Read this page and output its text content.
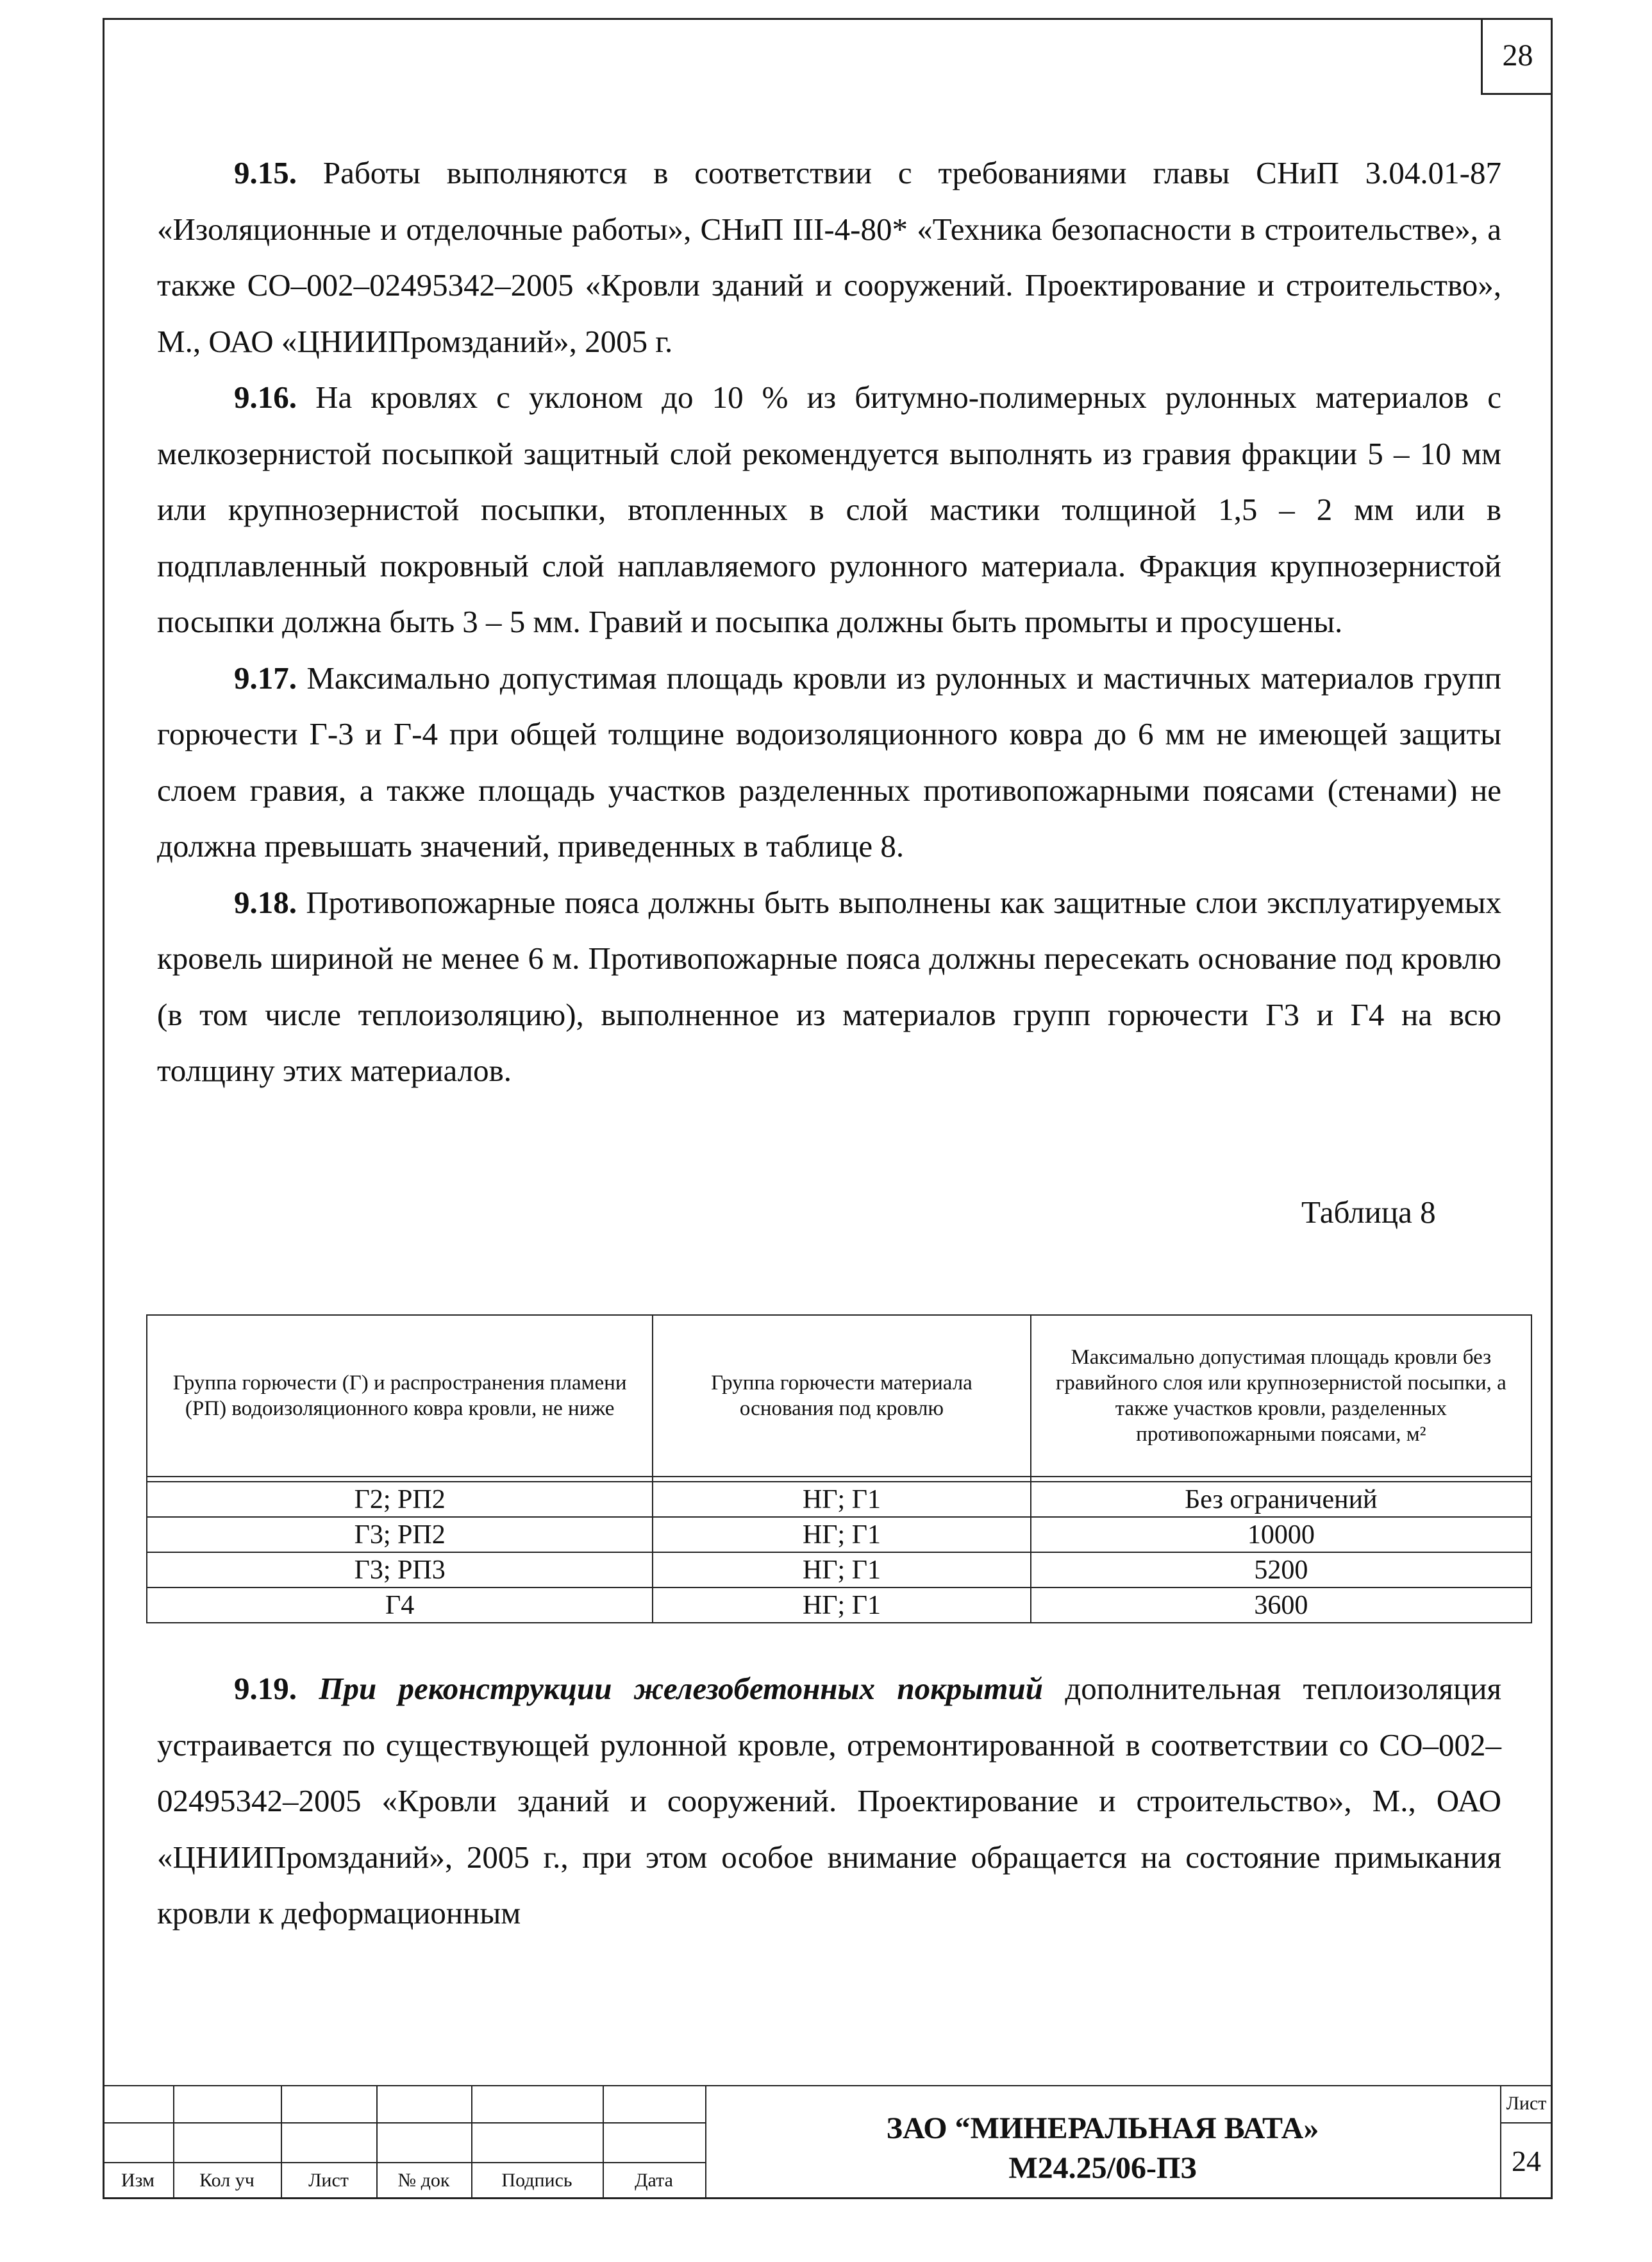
28

9.15. Работы выполняются в соответствии с требованиями главы СНиП 3.04.01-87 «Изоляционные и отделочные работы», СНиП III-4-80* «Техника безопасности в строительстве», а также СО–002–02495342–2005 «Кровли зданий и сооружений. Проектирование и строительство», М., ОАО «ЦНИИПромзданий», 2005 г.

9.16. На кровлях с уклоном до 10 % из битумно-полимерных рулонных материалов с мелкозернистой посыпкой защитный слой рекомендуется выполнять из гравия фракции 5 – 10 мм или крупнозернистой посыпки, втопленных в слой мастики толщиной 1,5 – 2 мм или в подплавленный покровный слой наплавляемого рулонного материала. Фракция крупнозернистой посыпки должна быть 3 – 5 мм. Гравий и посыпка должны быть промыты и просушены.

9.17. Максимально допустимая площадь кровли из рулонных и мастичных материалов групп горючести Г-3 и Г-4 при общей толщине водоизоляционного ковра до 6 мм не имеющей защиты слоем гравия, а также площадь участков разделенных противопожарными поясами (стенами) не должна превышать значений, приведенных в таблице 8.

9.18. Противопожарные пояса должны быть выполнены как защитные слои эксплуатируемых кровель шириной не менее 6 м. Противопожарные пояса должны пересекать основание под кровлю (в том числе теплоизоляцию), выполненное из материалов групп горючести Г3 и Г4 на всю толщину этих материалов.

Таблица 8
Группа горючести (Г) и распространения пламени (РП) водоизоляционного ковра кровли, не ниже	Группа горючести материала основания под кровлю	Максимально допустимая площадь кровли без гравийного слоя или крупнозернистой посыпки, а также участков кровли, разделенных противопожарными поясами, м²

Г2; РП2	НГ; Г1	Без ограничений
Г3; РП2	НГ; Г1	10000
Г3; РП3	НГ; Г1	5200
Г4	НГ; Г1	3600

9.19. При реконструкции железобетонных покрытий дополнительная теплоизоляция устраивается по существующей рулонной кровле, отремонтированной в соответствии со СО–002–02495342–2005 «Кровли зданий и сооружений. Проектирование и строительство», М., ОАО «ЦНИИПромзданий», 2005 г., при этом особое внимание обращается на состояние примыкания кровли к деформационным

Изм	Кол уч	Лист	№ док	Подпись	Дата
ЗАО “МИНЕРАЛЬНАЯ ВАТА»
М24.25/06-ПЗ
Лист
24
